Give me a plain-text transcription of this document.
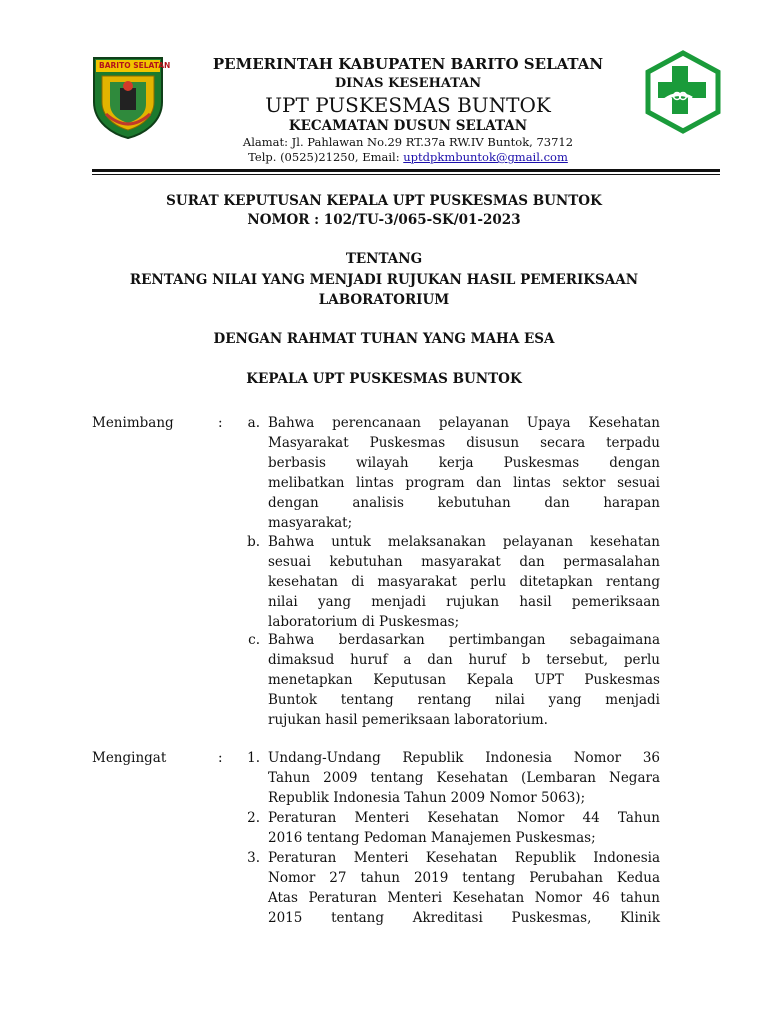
BARITO SELATAN	PEMERINTAH KABUPATEN BARITO SELATAN
DINAS KESEHATAN
UPT PUSKESMAS BUNTOK
KECAMATAN DUSUN SELATAN
Alamat: Jl. Pahlawan No.29 RT.37a RW.IV Buntok, 73712
Telp. (0525)21250, Email: uptdpkmbuntok@gmail.com
SURAT KEPUTUSAN KEPALA UPT PUSKESMAS BUNTOK
NOMOR : 102/TU-3/065-SK/01-2023
TENTANG
RENTANG NILAI YANG MENJADI RUJUKAN HASIL PEMERIKSAAN
LABORATORIUM
DENGAN RAHMAT TUHAN YANG MAHA ESA
KEPALA UPT PUSKESMAS BUNTOK
Menimbang	:	a. Bahwa perencanaan pelayanan Upaya Kesehatan
Masyarakat Puskesmas disusun secara terpadu
berbasis wilayah kerja Puskesmas dengan
melibatkan lintas program dan lintas sektor sesuai
dengan analisis kebutuhan dan harapan
masyarakat;
b. Bahwa untuk melaksanakan pelayanan kesehatan
sesuai kebutuhan masyarakat dan permasalahan
kesehatan di masyarakat perlu ditetapkan rentang
nilai yang menjadi rujukan hasil pemeriksaan
laboratorium di Puskesmas;
c. Bahwa berdasarkan pertimbangan sebagaimana
dimaksud huruf a dan huruf b tersebut, perlu
menetapkan Keputusan Kepala UPT Puskesmas
Buntok tentang rentang nilai yang menjadi
rujukan hasil pemeriksaan laboratorium.
Mengingat	:	1. Undang-Undang Republik Indonesia Nomor 36
Tahun 2009 tentang Kesehatan (Lembaran Negara
Republik Indonesia Tahun 2009 Nomor 5063);
2. Peraturan Menteri Kesehatan Nomor 44 Tahun
2016 tentang Pedoman Manajemen Puskesmas;
3. Peraturan Menteri Kesehatan Republik Indonesia
Nomor 27 tahun 2019 tentang Perubahan Kedua
Atas Peraturan Menteri Kesehatan Nomor 46 tahun
2015 tentang Akreditasi Puskesmas, Klinik
